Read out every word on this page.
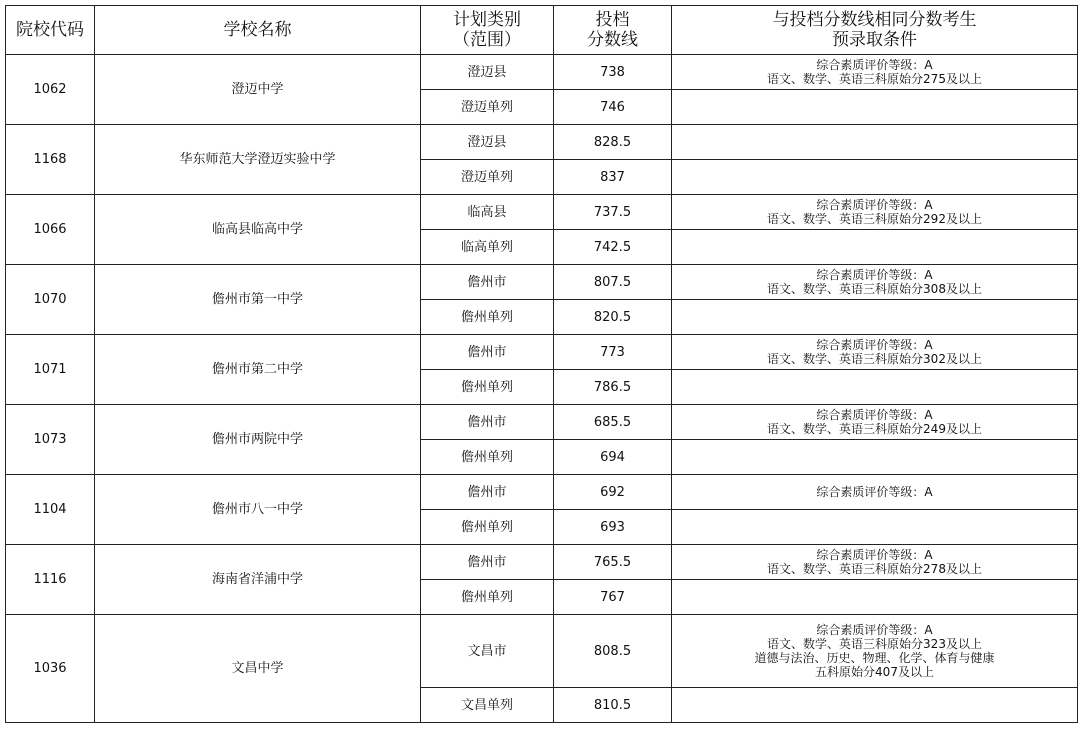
院校代码	学校名称	计划类别
（范围）	投档
分数线	与投档分数线相同分数考生
预录取条件
1062	澄迈中学	澄迈县	738	综合素质评价等级：A
语文、数学、英语三科原始分275及以上
		澄迈单列	746	
1168	华东师范大学澄迈实验中学	澄迈县	828.5	
		澄迈单列	837	
1066	临高县临高中学	临高县	737.5	综合素质评价等级：A
语文、数学、英语三科原始分292及以上
		临高单列	742.5	
1070	儋州市第一中学	儋州市	807.5	综合素质评价等级：A
语文、数学、英语三科原始分308及以上
		儋州单列	820.5	
1071	儋州市第二中学	儋州市	773	综合素质评价等级：A
语文、数学、英语三科原始分302及以上
		儋州单列	786.5	
1073	儋州市两院中学	儋州市	685.5	综合素质评价等级：A
语文、数学、英语三科原始分249及以上
		儋州单列	694	
1104	儋州市八一中学	儋州市	692	综合素质评价等级：A
		儋州单列	693	
1116	海南省洋浦中学	儋州市	765.5	综合素质评价等级：A
语文、数学、英语三科原始分278及以上
		儋州单列	767	
1036	文昌中学	文昌市	808.5	综合素质评价等级：A
语文、数学、英语三科原始分323及以上
道德与法治、历史、物理、化学、体育与健康
五科原始分407及以上
		文昌单列	810.5	
